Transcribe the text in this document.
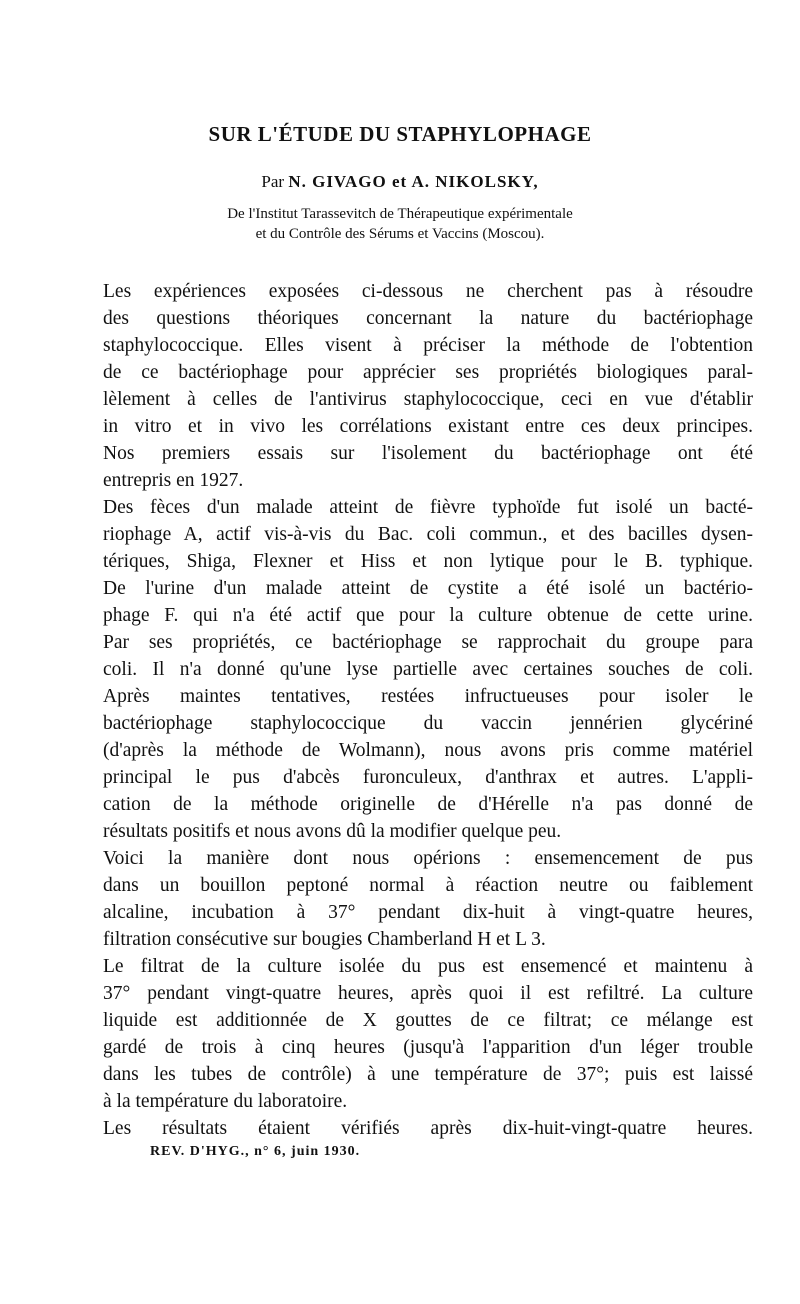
SUR L'ÉTUDE DU STAPHYLOPHAGE
Par N. GIVAGO et A. NIKOLSKY,
De l'Institut Tarassevitch de Thérapeutique expérimentale
et du Contrôle des Sérums et Vaccins (Moscou).
Les expériences exposées ci-dessous ne cherchent pas à résoudre
des questions théoriques concernant la nature du bactériophage
staphylococcique. Elles visent à préciser la méthode de l'obtention
de ce bactériophage pour apprécier ses propriétés biologiques paral-
lèlement à celles de l'antivirus staphylococcique, ceci en vue d'établir
in vitro et in vivo les corrélations existant entre ces deux principes.
Nos premiers essais sur l'isolement du bactériophage ont été
entrepris en 1927.
Des fèces d'un malade atteint de fièvre typhoïde fut isolé un bacté-
riophage A, actif vis-à-vis du Bac. coli commun., et des bacilles dysen-
tériques, Shiga, Flexner et Hiss et non lytique pour le B. typhique.
De l'urine d'un malade atteint de cystite a été isolé un bactério-
phage F. qui n'a été actif que pour la culture obtenue de cette urine.
Par ses propriétés, ce bactériophage se rapprochait du groupe para
coli. Il n'a donné qu'une lyse partielle avec certaines souches de coli.
Après maintes tentatives, restées infructueuses pour isoler le
bactériophage staphylococcique du vaccin jennérien glycériné
(d'après la méthode de Wolmann), nous avons pris comme matériel
principal le pus d'abcès furonculeux, d'anthrax et autres. L'appli-
cation de la méthode originelle de d'Hérelle n'a pas donné de
résultats positifs et nous avons dû la modifier quelque peu.
Voici la manière dont nous opérions : ensemencement de pus
dans un bouillon peptoné normal à réaction neutre ou faiblement
alcaline, incubation à 37° pendant dix-huit à vingt-quatre heures,
filtration consécutive sur bougies Chamberland H et L 3.
Le filtrat de la culture isolée du pus est ensemencé et maintenu à
37° pendant vingt-quatre heures, après quoi il est refiltré. La culture
liquide est additionnée de X gouttes de ce filtrat; ce mélange est
gardé de trois à cinq heures (jusqu'à l'apparition d'un léger trouble
dans les tubes de contrôle) à une température de 37°; puis est laissé
à la température du laboratoire.
Les résultats étaient vérifiés après dix-huit-vingt-quatre heures.
REV. D'HYG., n° 6, juin 1930.
